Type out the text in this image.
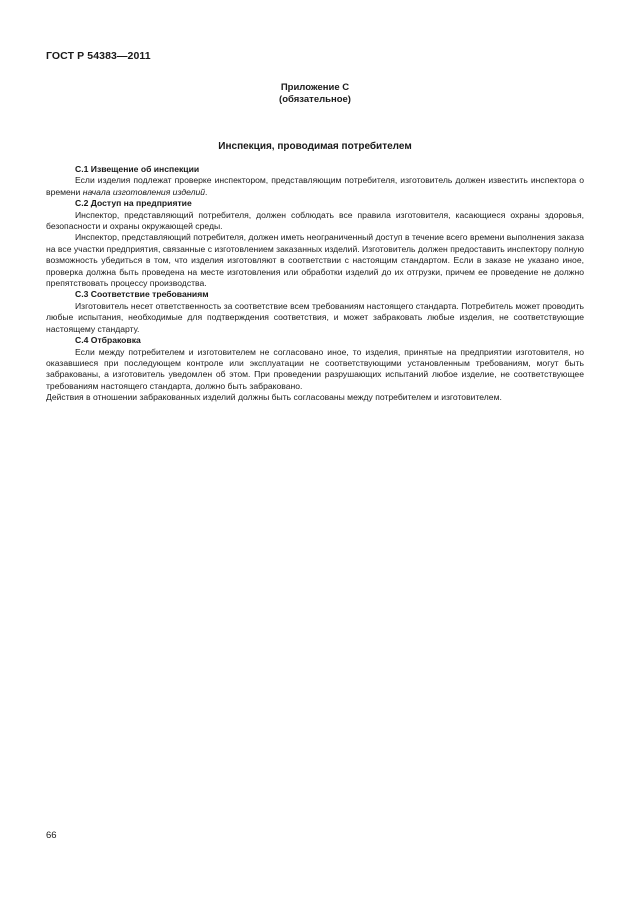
ГОСТ Р 54383—2011
Приложение С
(обязательное)
Инспекция, проводимая потребителем
С.1 Извещение об инспекции

Если изделия подлежат проверке инспектором, представляющим потребителя, изготовитель должен известить инспектора о времени начала изготовления изделий.

С.2 Доступ на предприятие

Инспектор, представляющий потребителя, должен соблюдать все правила изготовителя, касающиеся охраны здоровья, безопасности и охраны окружающей среды.

Инспектор, представляющий потребителя, должен иметь неограниченный доступ в течение всего времени выполнения заказа на все участки предприятия, связанные с изготовлением заказанных изделий. Изготовитель должен предоставить инспектору полную возможность убедиться в том, что изделия изготовляют в соответствии с настоящим стандартом. Если в заказе не указано иное, проверка должна быть проведена на месте изготовления или обработки изделий до их отгрузки, причем ее проведение не должно препятствовать процессу производства.

С.3 Соответствие требованиям

Изготовитель несет ответственность за соответствие всем требованиям настоящего стандарта. Потребитель может проводить любые испытания, необходимые для подтверждения соответствия, и может забраковать любые изделия, не соответствующие настоящему стандарту.

С.4 Отбраковка

Если между потребителем и изготовителем не согласовано иное, то изделия, принятые на предприятии изготовителя, но оказавшиеся при последующем контроле или эксплуатации не соответствующими установленным требованиям, могут быть забракованы, а изготовитель уведомлен об этом. При проведении разрушающих испытаний любое изделие, не соответствующее требованиям настоящего стандарта, должно быть забраковано.

Действия в отношении забракованных изделий должны быть согласованы между потребителем и изготовителем.

66
